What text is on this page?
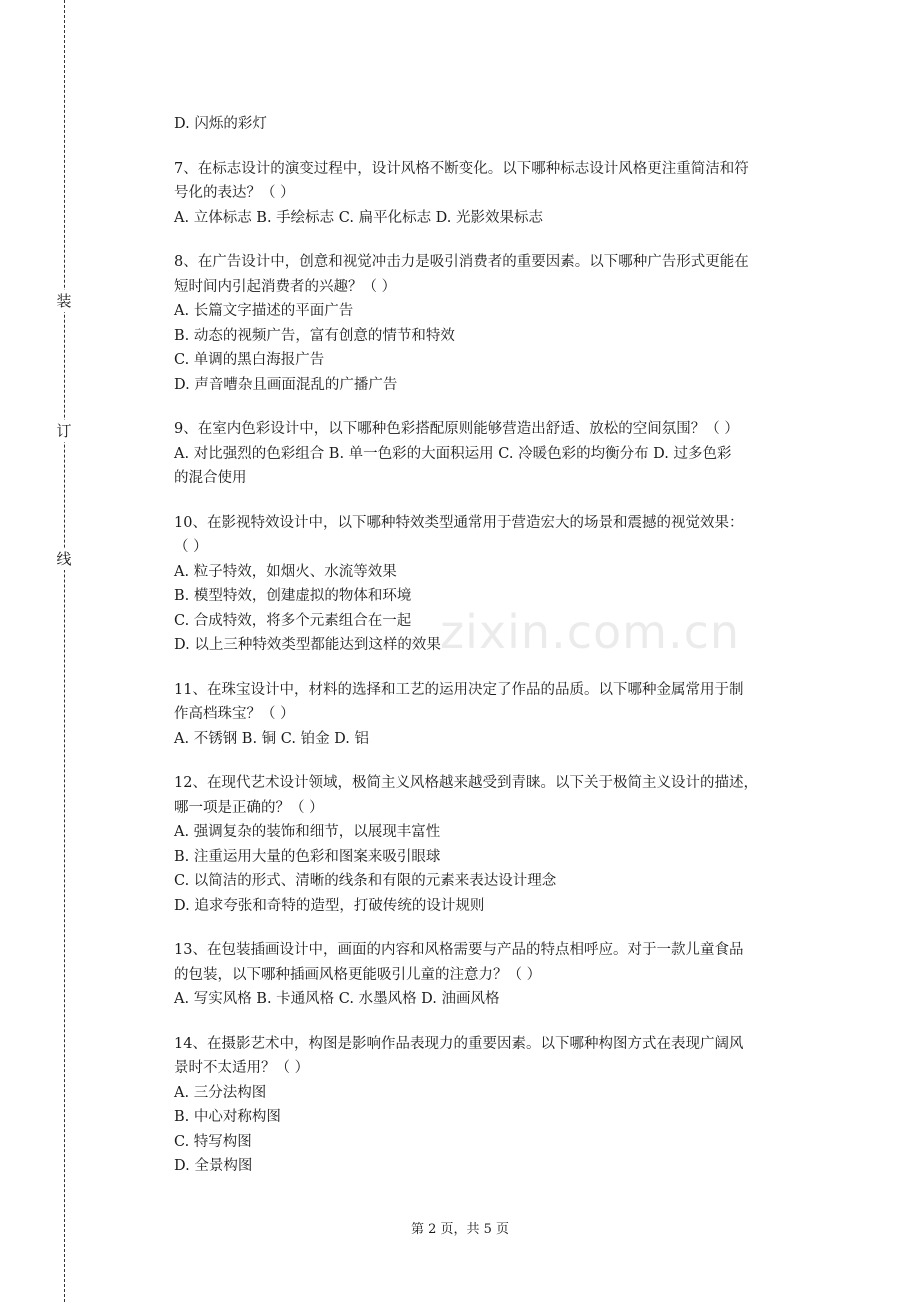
装
订
线
zixin.com.cn
D. 闪烁的彩灯
7、在标志设计的演变过程中，设计风格不断变化。以下哪种标志设计风格更注重简洁和符
号化的表达？（ ）
A. 立体标志 B. 手绘标志 C. 扁平化标志 D. 光影效果标志
8、在广告设计中，创意和视觉冲击力是吸引消费者的重要因素。以下哪种广告形式更能在
短时间内引起消费者的兴趣？（ ）
A. 长篇文字描述的平面广告
B. 动态的视频广告，富有创意的情节和特效
C. 单调的黑白海报广告
D. 声音嘈杂且画面混乱的广播广告
9、在室内色彩设计中，以下哪种色彩搭配原则能够营造出舒适、放松的空间氛围？（ ）
A. 对比强烈的色彩组合 B. 单一色彩的大面积运用 C. 冷暖色彩的均衡分布 D. 过多色彩
的混合使用
10、在影视特效设计中，以下哪种特效类型通常用于营造宏大的场景和震撼的视觉效果：
（ ）
A. 粒子特效，如烟火、水流等效果
B. 模型特效，创建虚拟的物体和环境
C. 合成特效，将多个元素组合在一起
D. 以上三种特效类型都能达到这样的效果
11、在珠宝设计中，材料的选择和工艺的运用决定了作品的品质。以下哪种金属常用于制
作高档珠宝？（ ）
A. 不锈钢 B. 铜 C. 铂金 D. 铝
12、在现代艺术设计领域，极简主义风格越来越受到青睐。以下关于极简主义设计的描述，
哪一项是正确的？（ ）
A. 强调复杂的装饰和细节，以展现丰富性
B. 注重运用大量的色彩和图案来吸引眼球
C. 以简洁的形式、清晰的线条和有限的元素来表达设计理念
D. 追求夸张和奇特的造型，打破传统的设计规则
13、在包装插画设计中，画面的内容和风格需要与产品的特点相呼应。对于一款儿童食品
的包装，以下哪种插画风格更能吸引儿童的注意力？（ ）
A. 写实风格 B. 卡通风格 C. 水墨风格 D. 油画风格
14、在摄影艺术中，构图是影响作品表现力的重要因素。以下哪种构图方式在表现广阔风
景时不太适用？（ ）
A. 三分法构图
B. 中心对称构图
C. 特写构图
D. 全景构图
第 2 页，共 5 页
